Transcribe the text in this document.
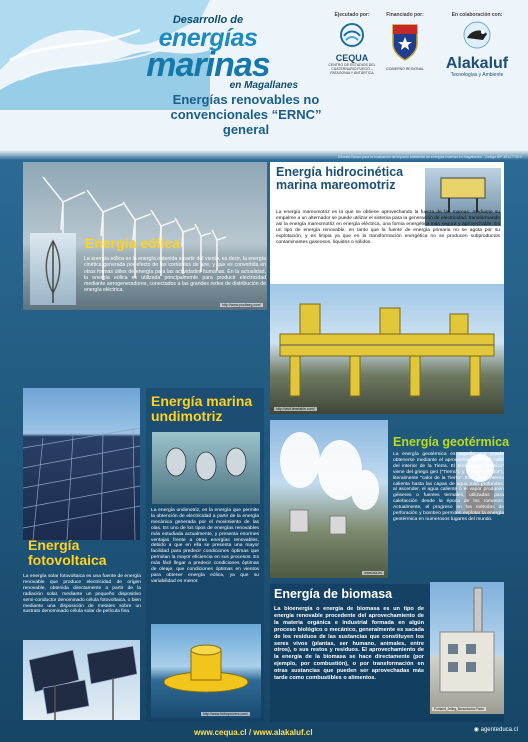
Desarrollo de
energías
marinas
en Magallanes
Energías renovables no
convencionales “ERNC” general
Ejecutado por:
CEQUA
CENTRO DE ESTUDIOS DEL CUATERNARIO FUEGO – PATAGONIA Y ANTÁRTICA
Financiado por:
GOBIERNO REGIONAL
En colaboración con:
Alakaluf
Tecnologías y Ambiente
Difusión Banco para la evaluación de impacto ambiental de energías marinas en Magallanes - Código BIP 30127735-0
http://www.prodiseg.com/
Energía eólica
La energía eólica es la energía obtenida a partir del viento, es decir, la energía cinética generada por efecto de las corrientes de aire, y que es convertida en otras formas útiles de energía para las actividades humanas. En la actualidad, la energía eólica es utilizada principalmente para producir electricidad mediante aerogeneradores, conectados a las grandes redes de distribución de energía eléctrica.
Energía hidrocinética
marina mareomotriz
La energía mareomotriz es la que se obtiene aprovechando la fuerza de las mareas: mediante su empalme a un alternador se puede utilizar el sistema para la generación de electricidad, transformando así la energía mareomotriz en energía eléctrica, una forma energética más segura y aprovechable. Es un tipo de energía renovable, en tanto que la fuente de energía primaria no se agota por su explotación, y es limpia ya que en la transformación energética no se producen subproductos contaminantes gaseosos, líquidos o sólidos.
http://visit.timetable.com/
Energía
fotovoltaica
La energía solar fotovoltaica es una fuente de energía renovable que produce electricidad de origen renovable, obtenida directamente a partir de la radiación solar, mediante un pequeño dispositivo semi-conductor denominado célula fotovoltaica, o bien mediante una disposición de metales sobre un sustrato denominado célula solar de película fina.
Energía marina
undimotriz
La energía undimotriz, es la energía que permite la obtención de electricidad a partir de la energía mecánica generada por el movimiento de las olas. Es uno de los tipos de energías renovables más estudiada actualmente, y presenta enormes ventajas frente a otras energías renovables, debido a que en ella se presenta una mayor facilidad para predecir condiciones óptimas que permitan la mayor eficiencia en sus procesos. Es más fácil llegar a predecir condiciones óptimas de oleaje, que condiciones óptimas en vientos para obtener energía eólica, ya que su variabilidad es menor.
http://www.hidroprovers.com/
www.ida.es
Energía geotérmica
La energía geotérmica es aquella que puede obtenerse mediante el aprovechamiento del calor del interior de la Tierra. El término “geotérmico” viene del griego geo (“Tierra”), y thermos (“calor”), literalmente “calor de la Tierra”. Este calor interno calienta hasta las capas de agua más profundas: al ascender, el agua caliente o el vapor producen géiseres o fuentes termales, utilizadas para calefacción desde la época de los romanos. Actualmente, el progreso en los métodos de perforación y bombeo permiten explotar la energía geotérmica en numerosos lugares del mundo.
Energía de biomasa
La bioenergía o energía de biomasa es un tipo de energía renovable procedente del aprovechamiento de la materia orgánica e industrial formada en algún proceso biológico o mecánico, generalmente es sacada de los residuos de las sustancias que constituyen los seres vivos (plantas, ser humano, animales, entre otros), o sus restos y residuos. El aprovechamiento de la energía de la biomasa se hace directamente (por ejemplo, por combustión), o por transformación en otras sustancias que pueden ser aprovechadas más tarde como combustibles o alimentos.
Portland_Jelleg_Borsodcuba.Photo
www.cequa.cl / www.alakaluf.cl	◉ agenteduca.cl
